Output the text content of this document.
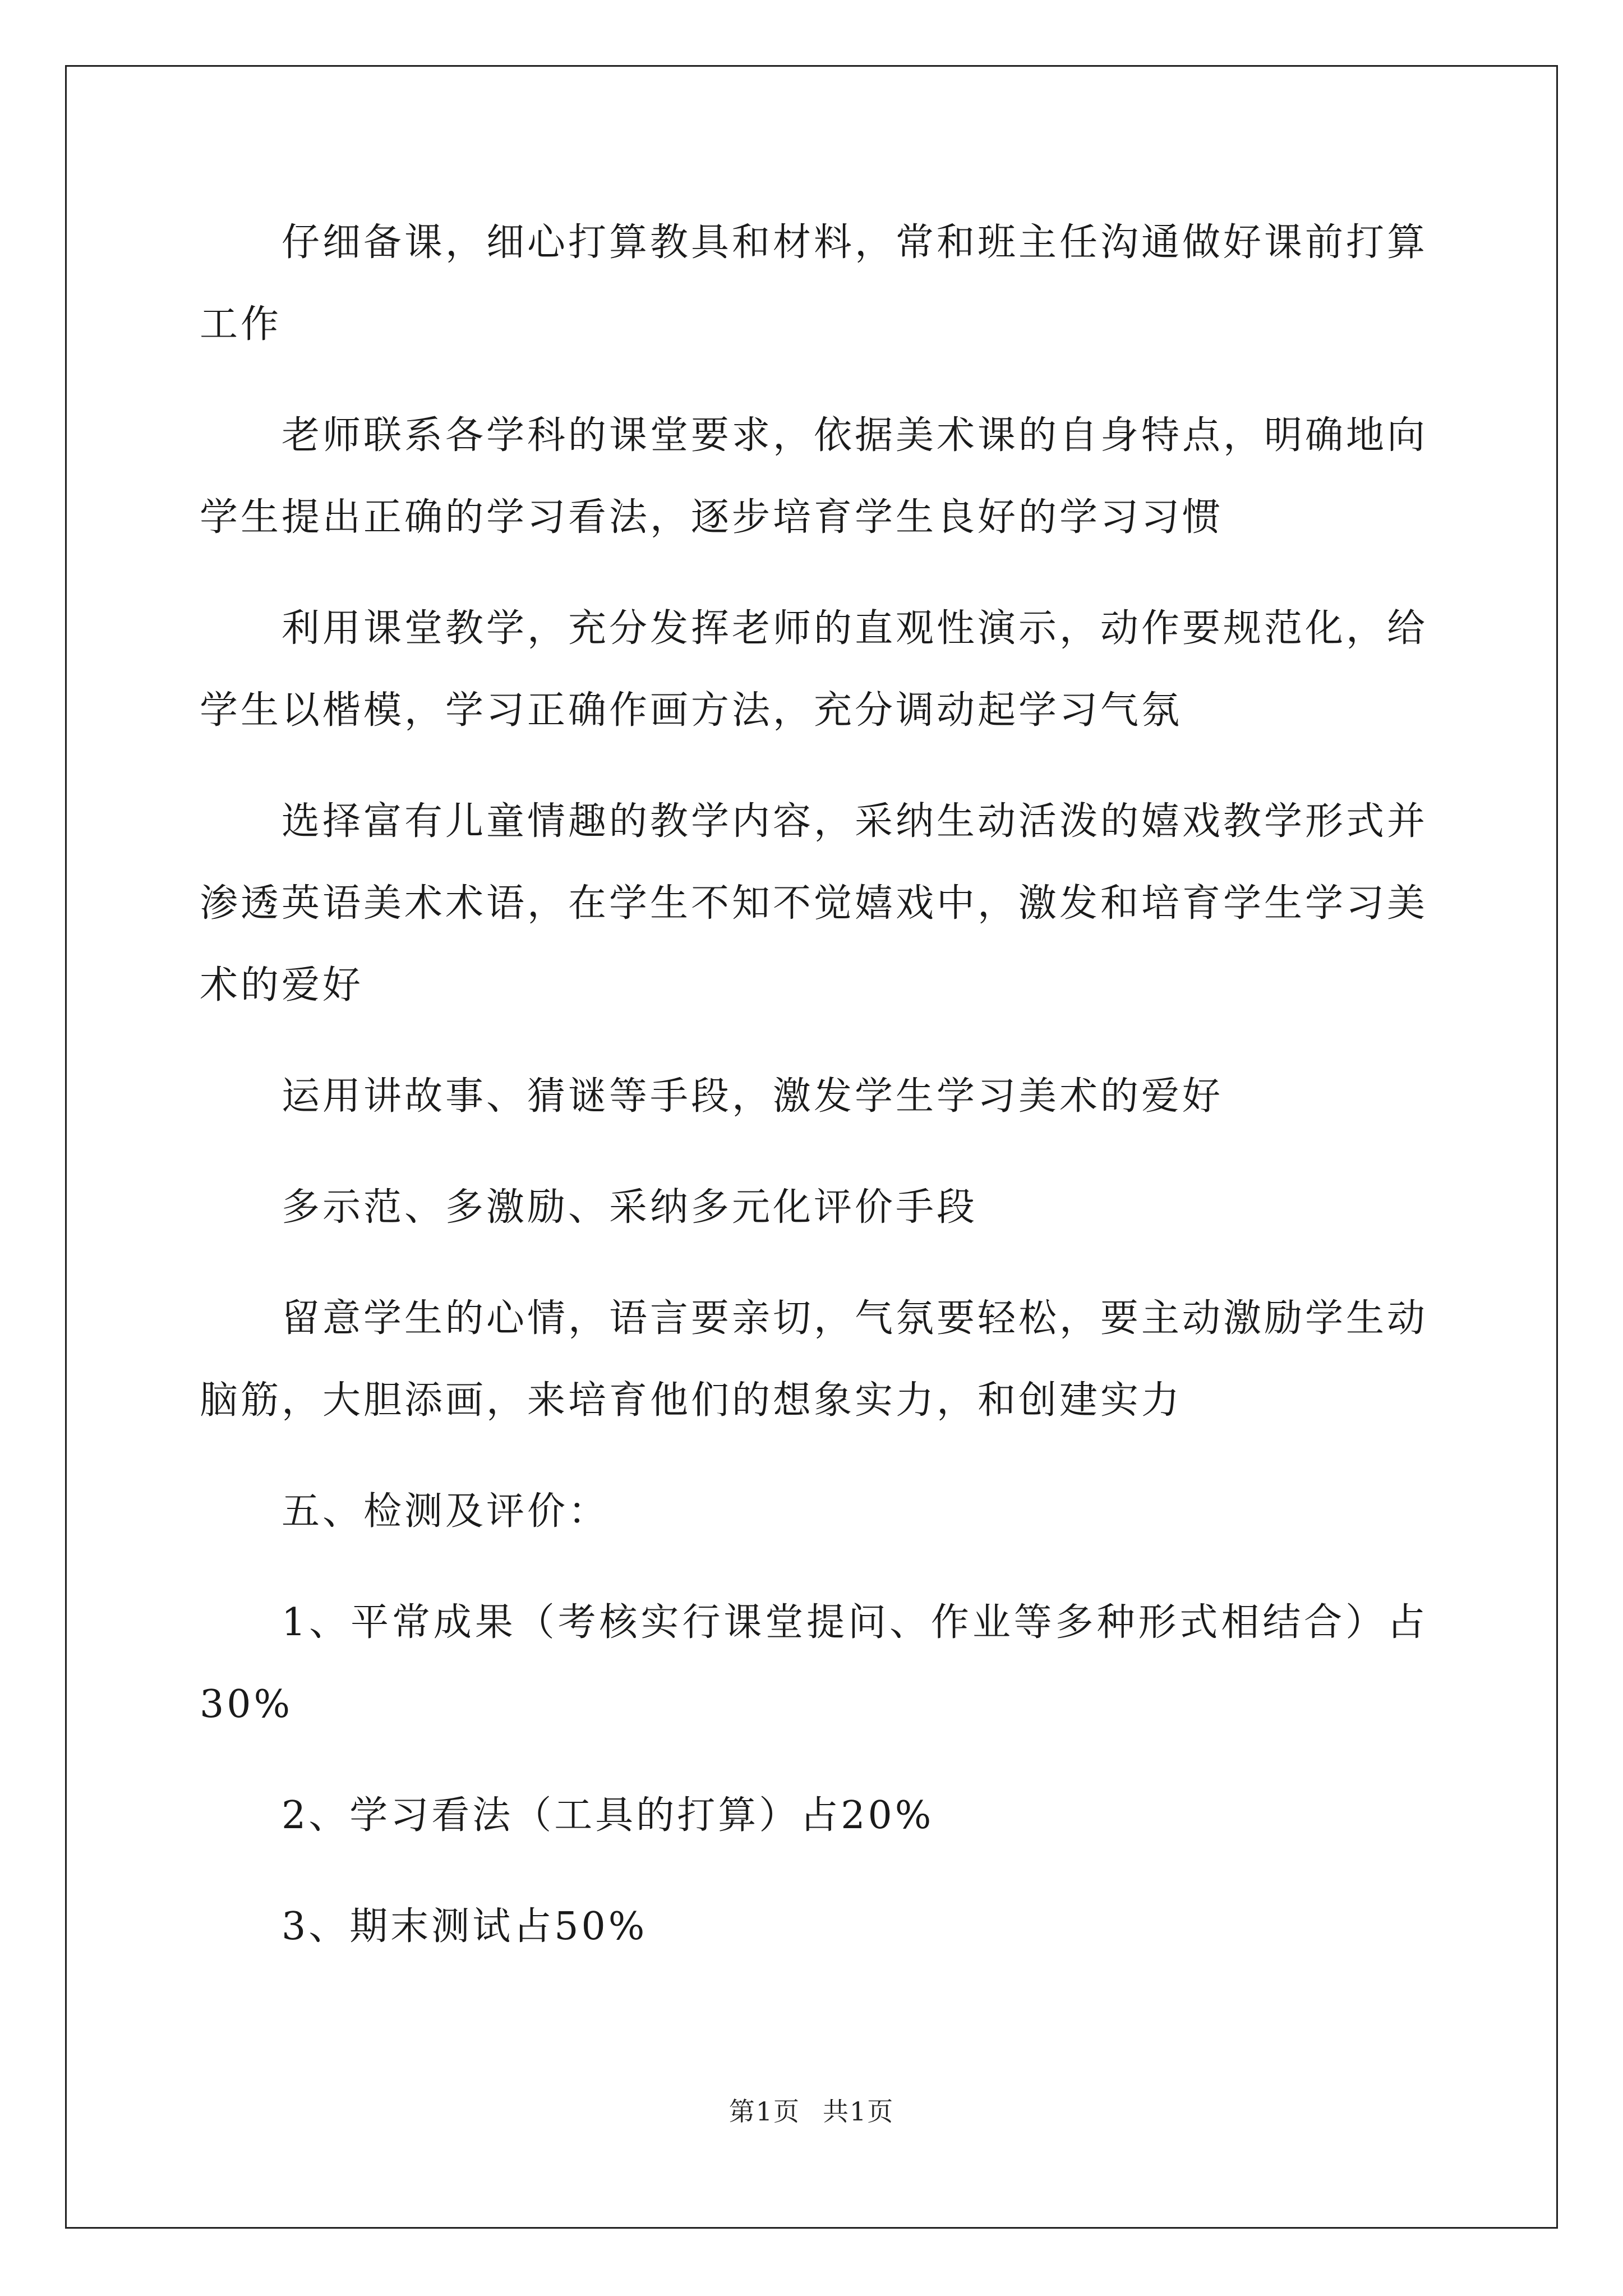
仔细备课，细心打算教具和材料，常和班主任沟通做好课前打算工作

老师联系各学科的课堂要求，依据美术课的自身特点，明确地向学生提出正确的学习看法，逐步培育学生良好的学习习惯

利用课堂教学，充分发挥老师的直观性演示，动作要规范化，给学生以楷模，学习正确作画方法，充分调动起学习气氛

选择富有儿童情趣的教学内容，采纳生动活泼的嬉戏教学形式并渗透英语美术术语，在学生不知不觉嬉戏中，激发和培育学生学习美术的爱好

运用讲故事、猜谜等手段，激发学生学习美术的爱好

多示范、多激励、采纳多元化评价手段

留意学生的心情，语言要亲切，气氛要轻松，要主动激励学生动脑筋，大胆添画，来培育他们的想象实力，和创建实力

五、检测及评价：

1、平常成果（考核实行课堂提问、作业等多种形式相结合）占30%

2、学习看法（工具的打算）占20%

3、期末测试占50%

第1页 共1页
